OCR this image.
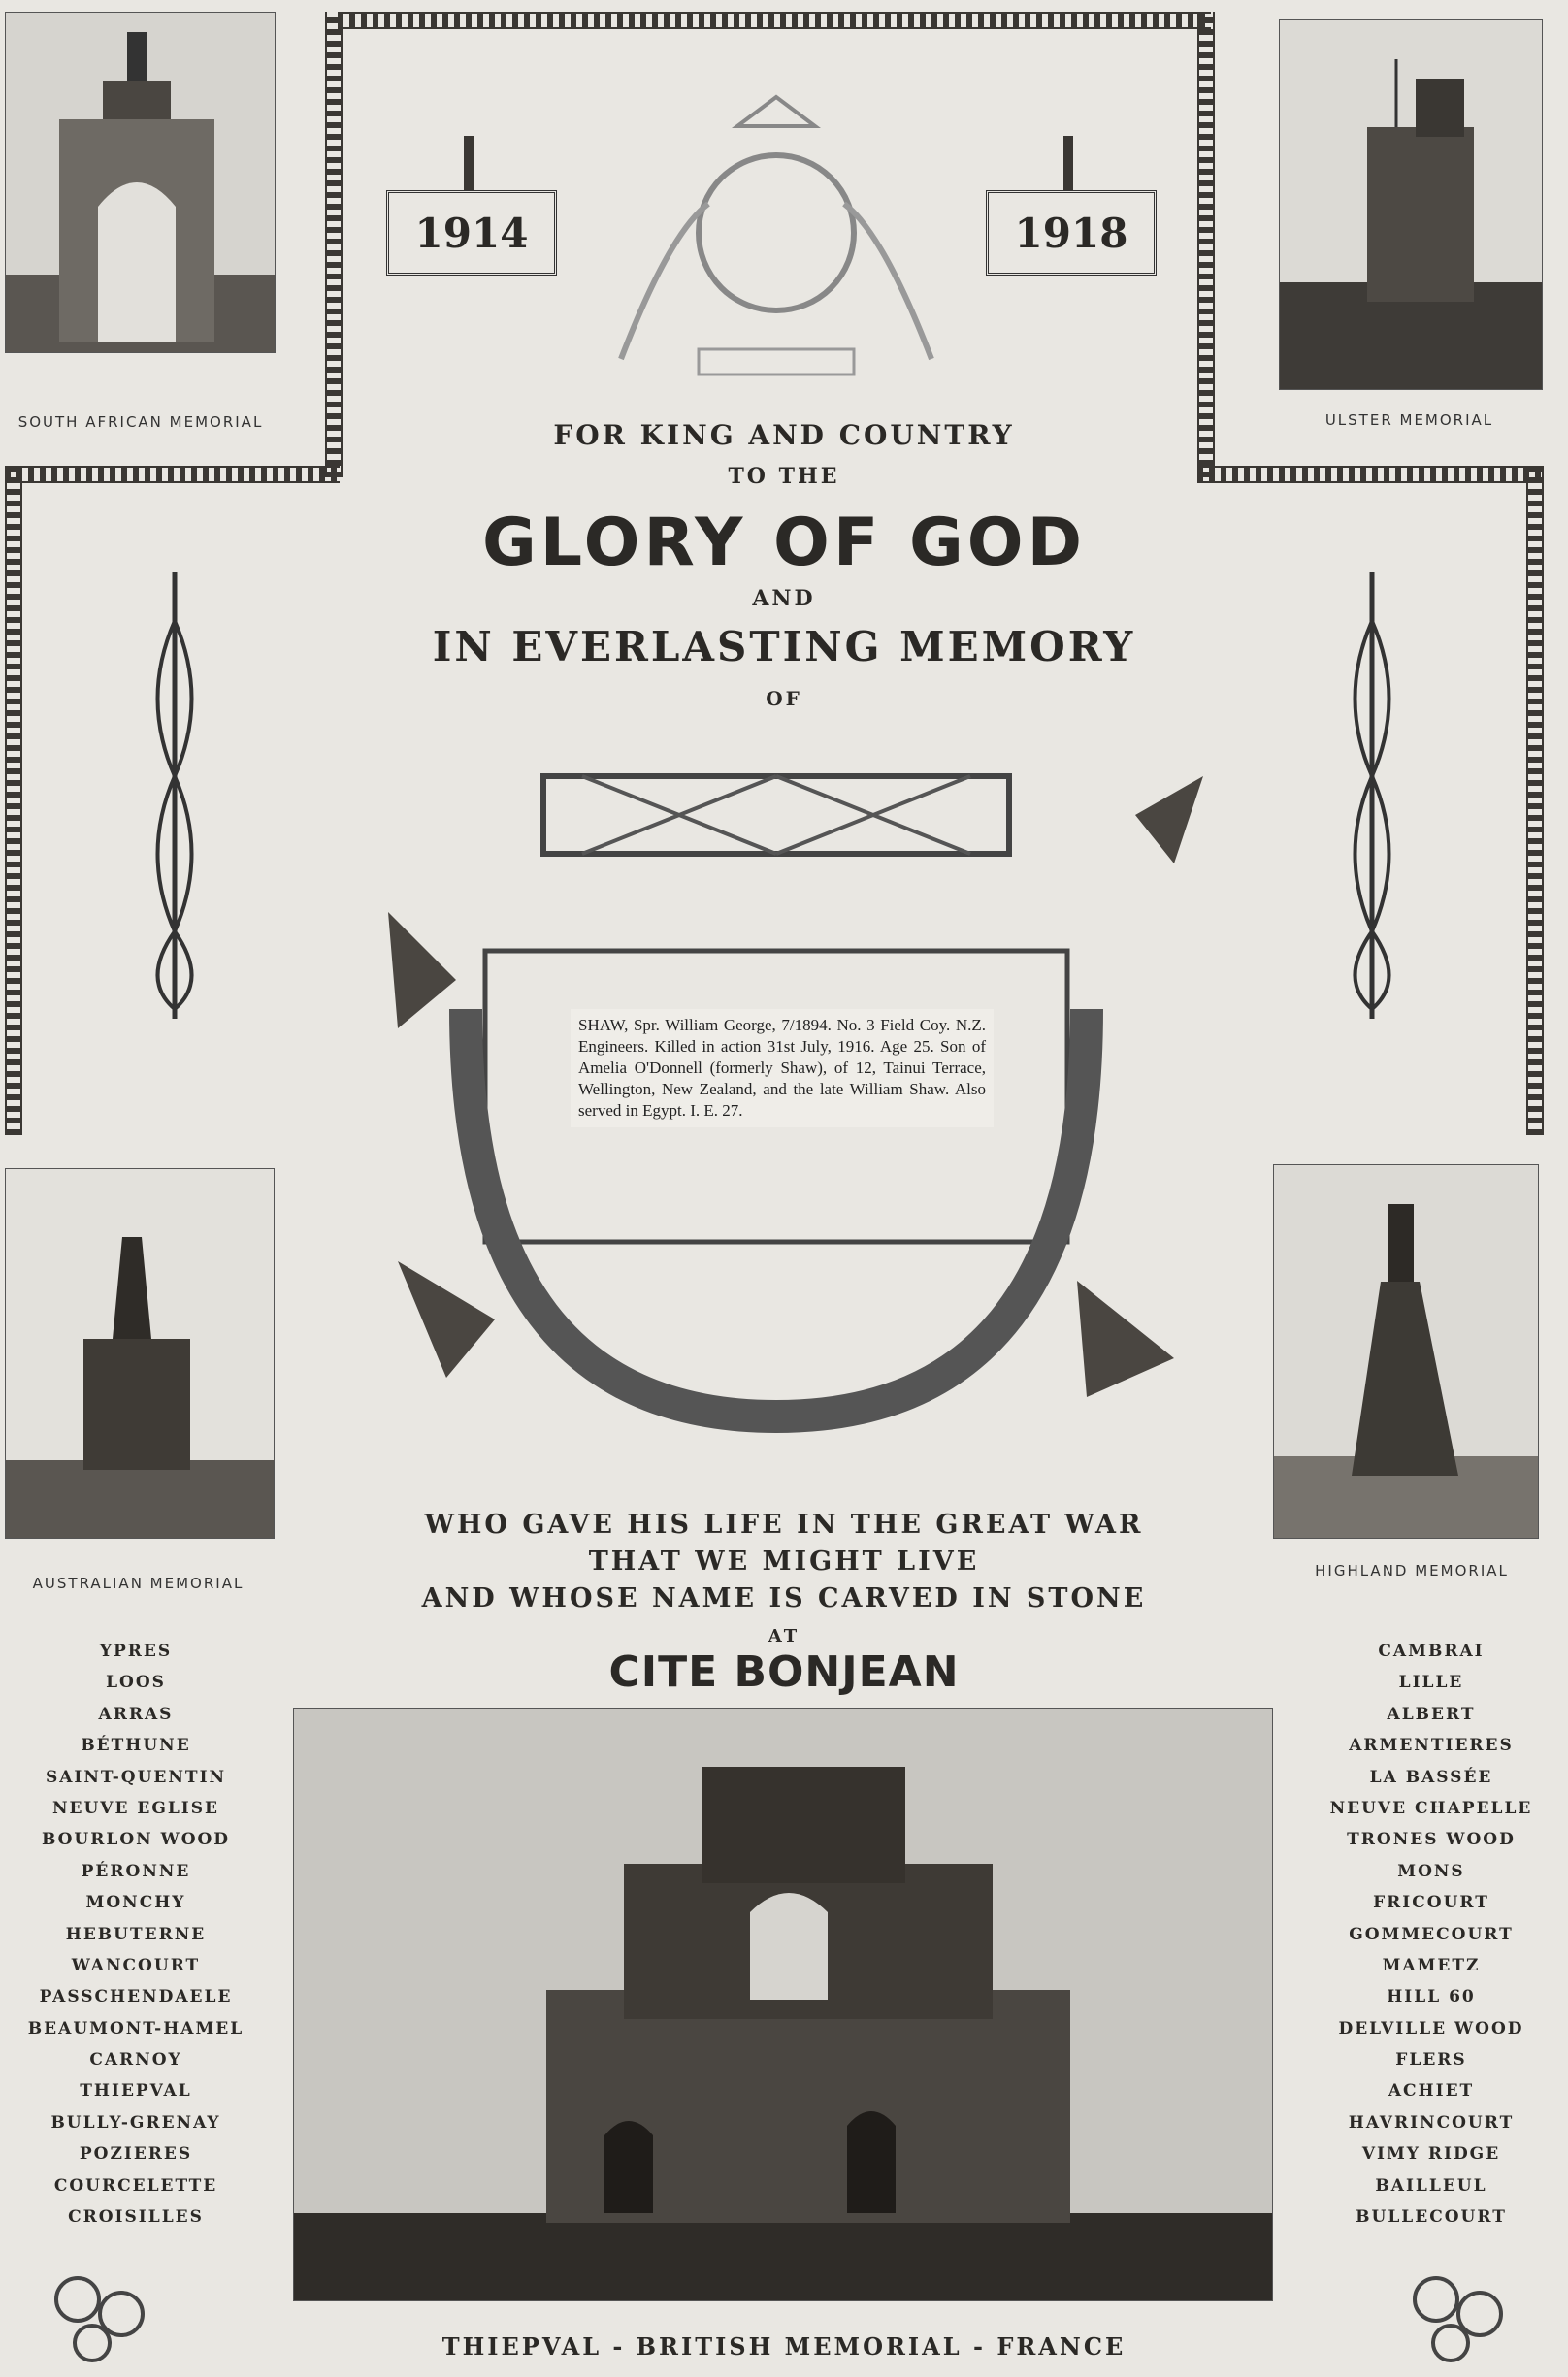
SOUTH AFRICAN MEMORIAL	ULSTER MEMORIAL
1914	1918
FOR KING AND COUNTRY
TO THE
GLORY OF GOD
AND
IN EVERLASTING MEMORY
OF
SHAW, Spr. William George, 7/1894. No. 3 Field Coy. N.Z. Engineers. Killed in action 31st July, 1916. Age 25. Son of Amelia O'Donnell (formerly Shaw), of 12, Tainui Terrace, Wellington, New Zealand, and the late William Shaw. Also served in Egypt. I. E. 27.
AUSTRALIAN MEMORIAL
HIGHLAND MEMORIAL
WHO GAVE HIS LIFE IN THE GREAT WAR
THAT WE MIGHT LIVE
AND WHOSE NAME IS CARVED IN STONE
AT
CITE BONJEAN
YPRES
LOOS
ARRAS
BÉTHUNE
SAINT-QUENTIN
NEUVE EGLISE
BOURLON WOOD
PÉRONNE
MONCHY
HEBUTERNE
WANCOURT
PASSCHENDAELE
BEAUMONT-HAMEL
CARNOY
THIEPVAL
BULLY-GRENAY
POZIERES
COURCELETTE
CROISILLES
CAMBRAI
LILLE
ALBERT
ARMENTIERES
LA BASSÉE
NEUVE CHAPELLE
TRONES WOOD
MONS
FRICOURT
GOMMECOURT
MAMETZ
HILL 60
DELVILLE WOOD
FLERS
ACHIET
HAVRINCOURT
VIMY RIDGE
BAILLEUL
BULLECOURT
THIEPVAL - BRITISH MEMORIAL - FRANCE
